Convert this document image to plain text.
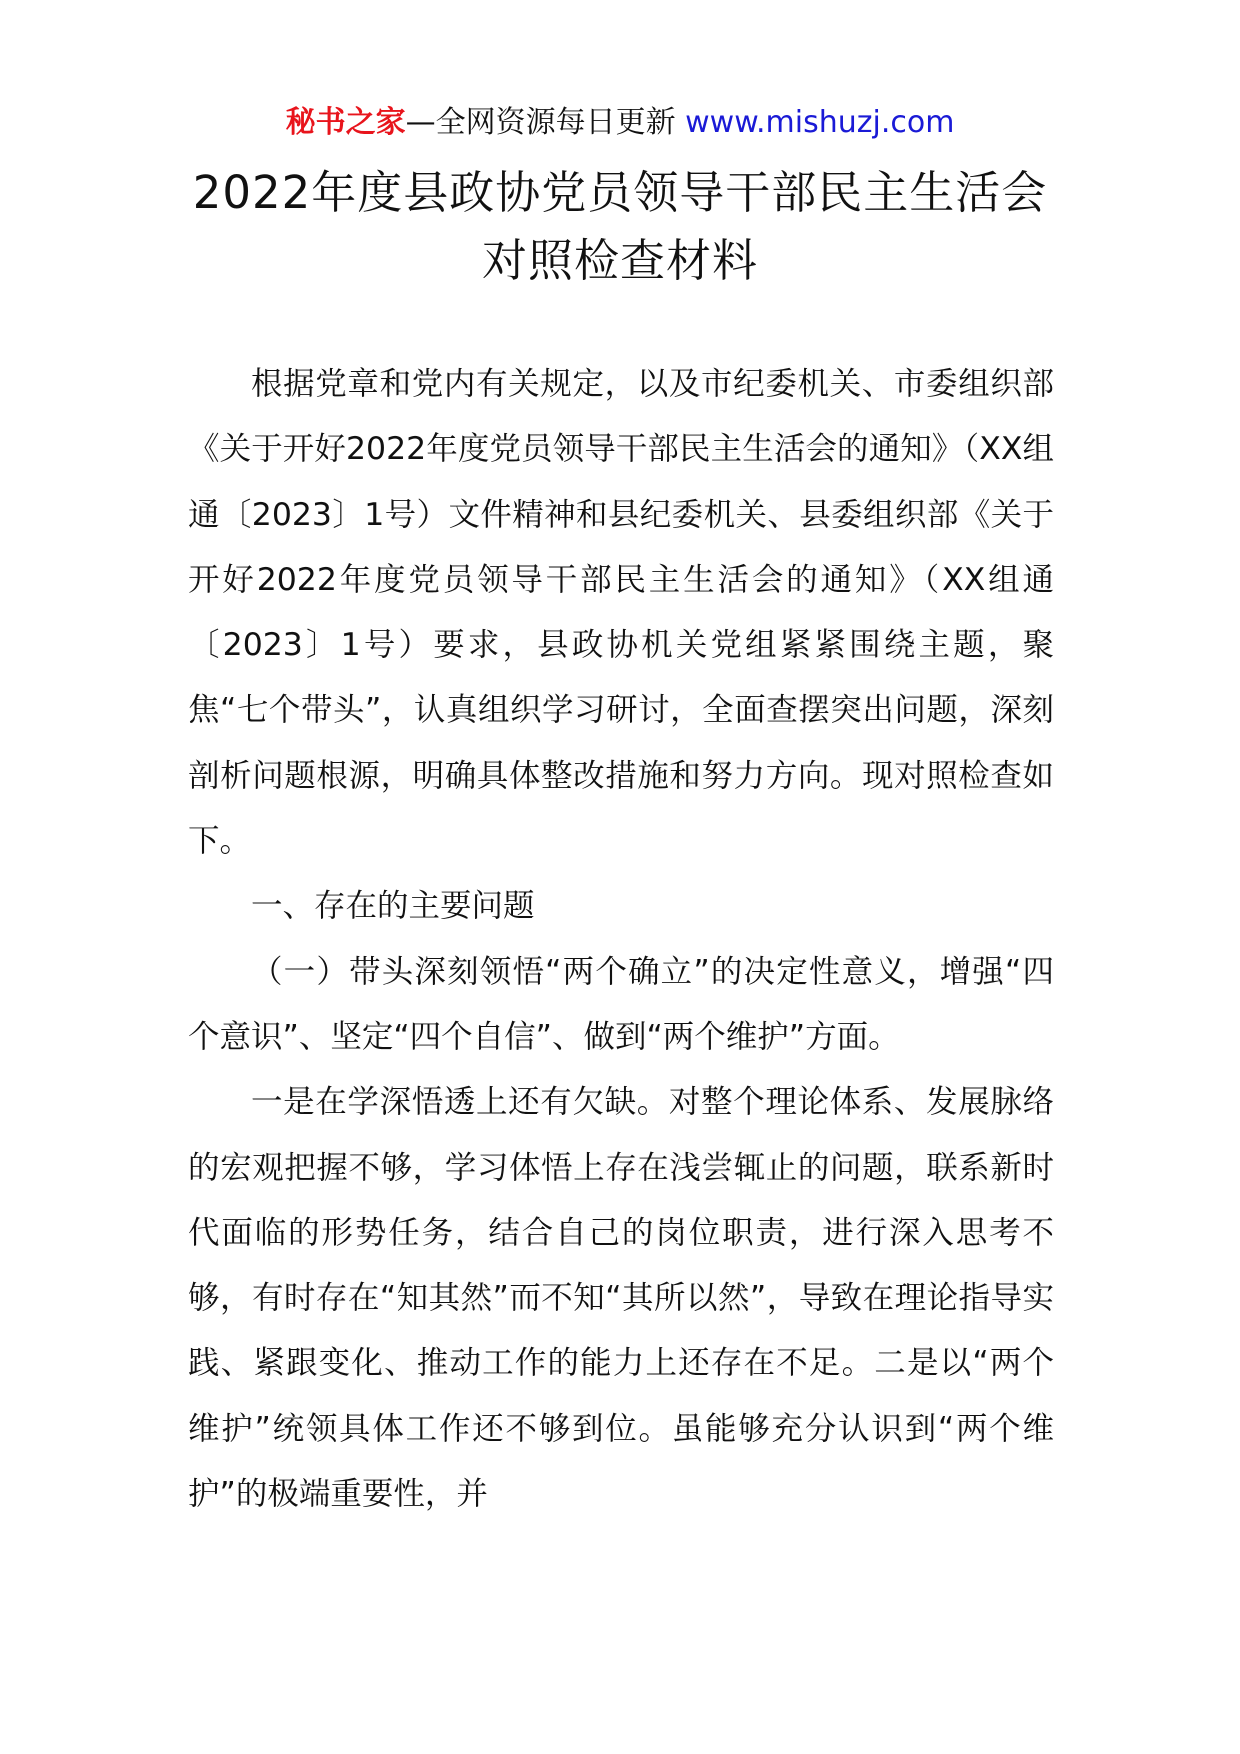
秘书之家—全网资源每日更新 www.mishuzj.com
2022年度县政协党员领导干部民主生活会
对照检查材料

根据党章和党内有关规定，以及市纪委机关、市委组织部《关于开好2022年度党员领导干部民主生活会的通知》（XX组通〔2023〕1号）文件精神和县纪委机关、县委组织部《关于开好2022年度党员领导干部民主生活会的通知》（XX组通〔2023〕1号）要求，县政协机关党组紧紧围绕主题，聚焦“七个带头”，认真组织学习研讨，全面查摆突出问题，深刻剖析问题根源，明确具体整改措施和努力方向。现对照检查如下。

一、存在的主要问题

（一）带头深刻领悟“两个确立”的决定性意义，增强“四个意识”、坚定“四个自信”、做到“两个维护”方面。

一是在学深悟透上还有欠缺。对整个理论体系、发展脉络的宏观把握不够，学习体悟上存在浅尝辄止的问题，联系新时代面临的形势任务，结合自己的岗位职责，进行深入思考不够，有时存在“知其然”而不知“其所以然”，导致在理论指导实践、紧跟变化、推动工作的能力上还存在不足。二是以“两个维护”统领具体工作还不够到位。虽能够充分认识到“两个维护”的极端重要性，并
